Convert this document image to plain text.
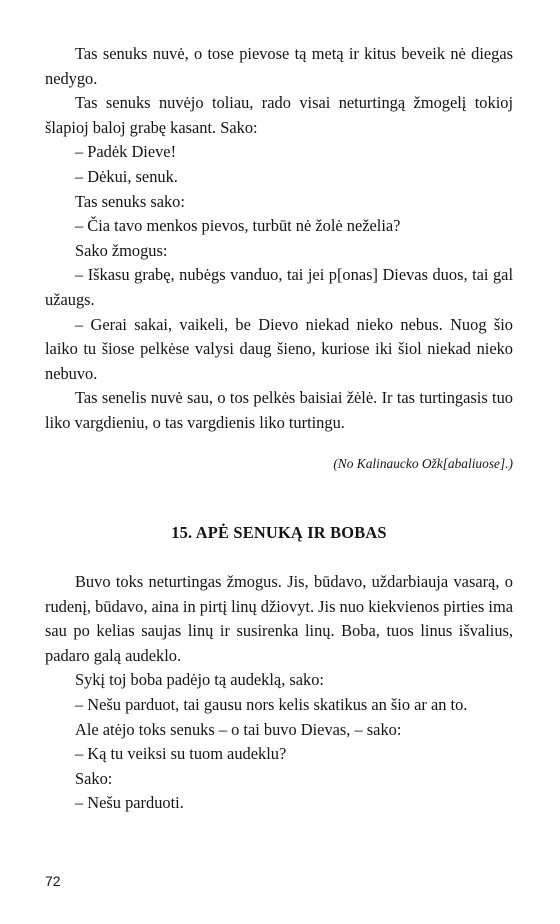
Tas senuks nuvė, o tose pievose tą metą ir kitus beveik nė diegas nedygo.

Tas senuks nuvėjo toliau, rado visai neturtingą žmogelį tokioj šlapioj baloj grabę kasant. Sako:

– Padėk Dieve!

– Dėkui, senuk.

Tas senuks sako:

– Čia tavo menkos pievos, turbūt nė žolė neželia?

Sako žmogus:

– Iškasu grabę, nubėgs vanduo, tai jei p[onas] Dievas duos, tai gal užaugs.

– Gerai sakai, vaikeli, be Dievo niekad nieko nebus. Nuog šio laiko tu šiose pelkėse valysi daug šieno, kuriose iki šiol niekad nieko nebuvo.

Tas senelis nuvė sau, o tos pelkės baisiai žėlė. Ir tas turtingasis tuo liko vargdieniu, o tas vargdienis liko turtingu.

(No Kalinaucko Ožk[abaliuose].)

15. APĖ SENUKĄ IR BOBAS

Buvo toks neturtingas žmogus. Jis, būdavo, uždarbiauja vasarą, o rudenį, būdavo, aina in pirtį linų džiovyt. Jis nuo kiekvienos pirties ima sau po kelias saujas linų ir susirenka linų. Boba, tuos linus išvalius, padaro galą audeklo.

Sykį toj boba padėjo tą audeklą, sako:

– Nešu parduot, tai gausu nors kelis skatikus an šio ar an to.

Ale atėjo toks senuks – o tai buvo Dievas, – sako:

– Ką tu veiksi su tuom audeklu?

Sako:

– Nešu parduoti.

72
